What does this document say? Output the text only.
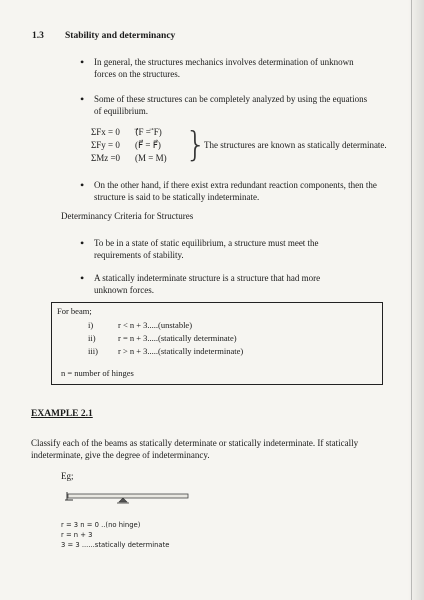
1.3 Stability and determinancy
• In general, the structures mechanics involves determination of unknown forces on the structures.
• Some of these structures can be completely analyzed by using the equations of equilibrium.
ΣFx = 0 (⃗F = ⃗F)
ΣFy = 0 (F⃗ = F⃗)
ΣMz =0 (M = M) }
The structures are known as statically determinate.
• On the other hand, if there exist extra redundant reaction components, then the structure is said to be statically indeterminate.
Determinancy Criteria for Structures
• To be in a state of static equilibrium, a structure must meet the requirements of stability.
• A statically indeterminate structure is a structure that had more unknown forces.
For beam;
i)	r < n + 3.....(unstable)
ii)	r = n + 3.....(statically determinate)
iii) r > n + 3.....(statically indeterminate)
n = number of hinges
EXAMPLE 2.1
Classify each of the beams as statically determinate or statically indeterminate. If statically indeterminate, give the degree of indeterminancy.
Eg;
r = 3 n = 0 ..(no hinge)
r = n + 3
3 = 3 ......statically determinate
